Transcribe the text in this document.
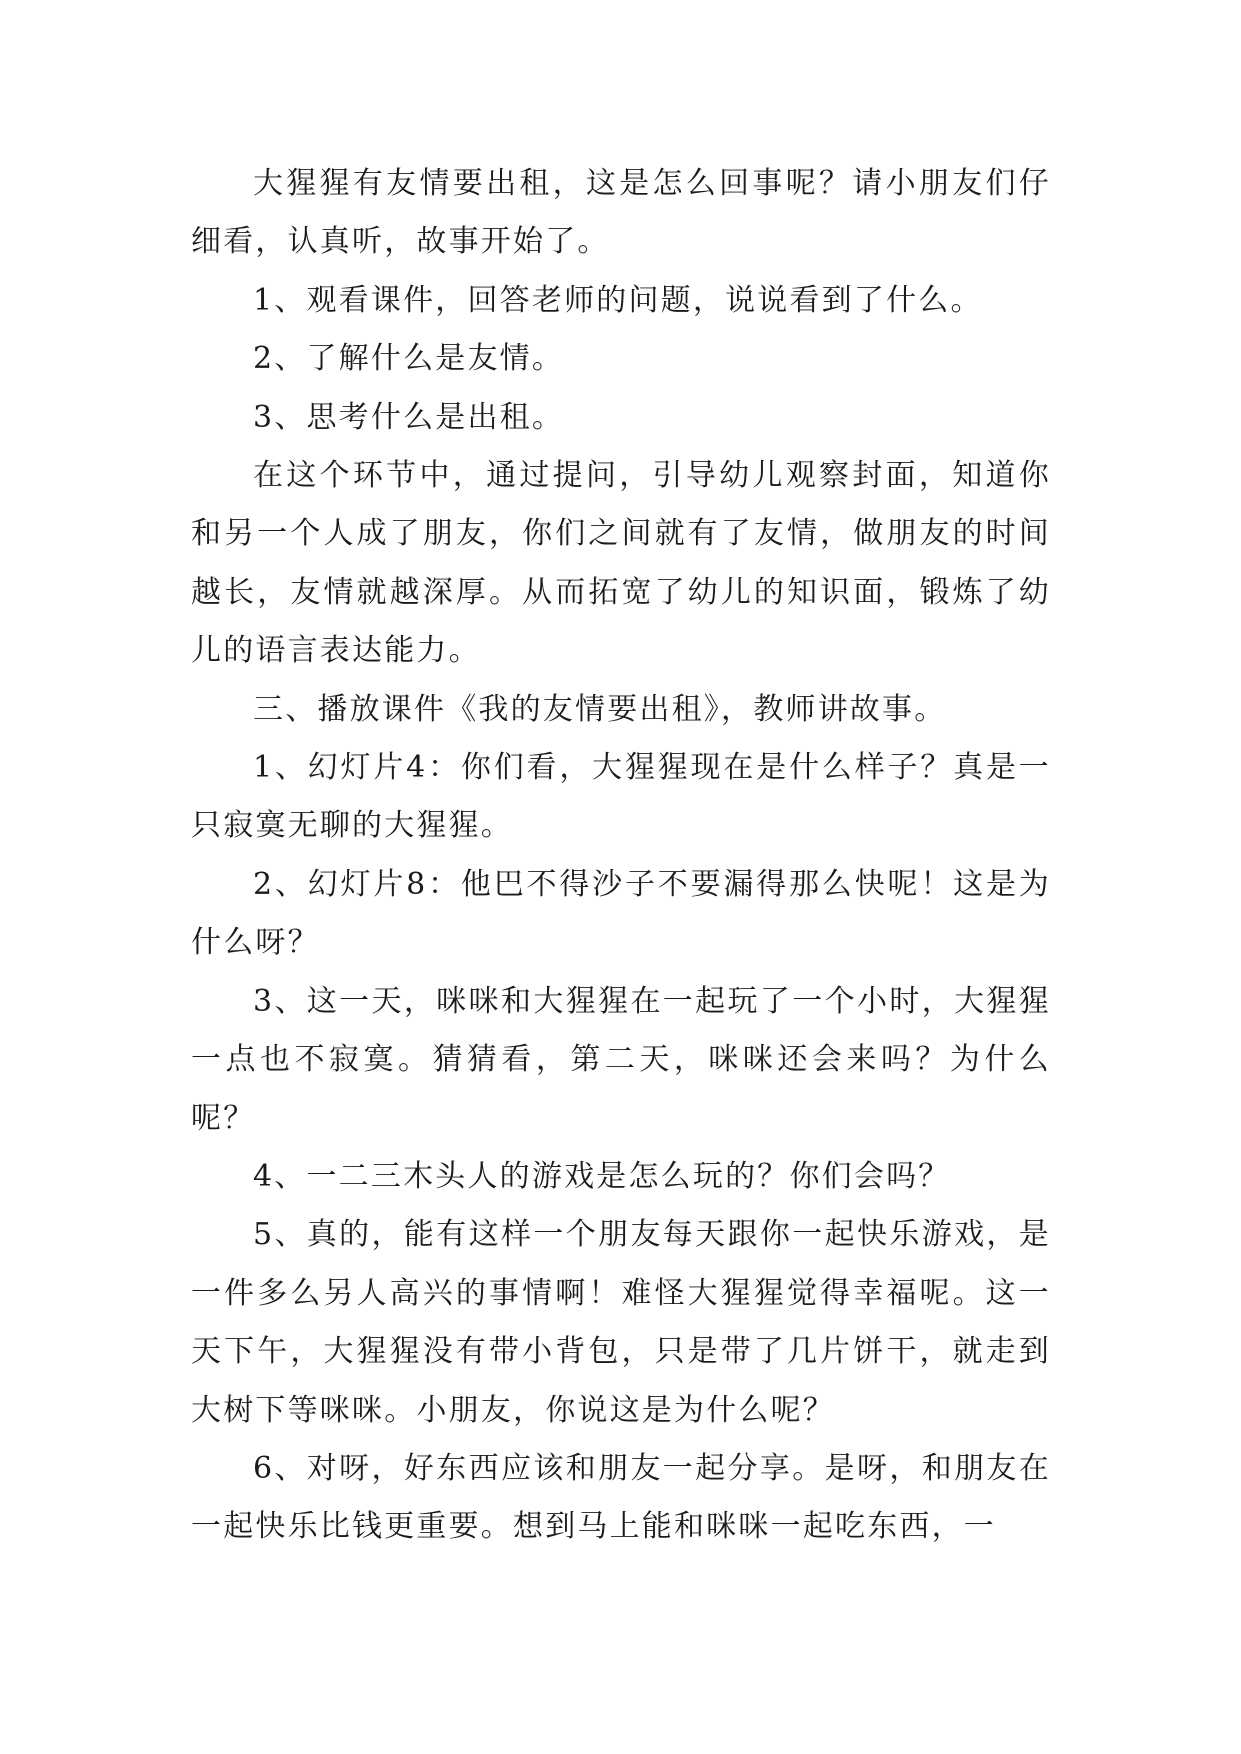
大猩猩有友情要出租，这是怎么回事呢？请小朋友们仔细看，认真听，故事开始了。

1、观看课件，回答老师的问题，说说看到了什么。

2、了解什么是友情。

3、思考什么是出租。

在这个环节中，通过提问，引导幼儿观察封面，知道你和另一个人成了朋友，你们之间就有了友情，做朋友的时间越长，友情就越深厚。从而拓宽了幼儿的知识面，锻炼了幼儿的语言表达能力。

三、播放课件《我的友情要出租》，教师讲故事。

1、幻灯片4：你们看，大猩猩现在是什么样子？真是一只寂寞无聊的大猩猩。

2、幻灯片8：他巴不得沙子不要漏得那么快呢！这是为什么呀？

3、这一天，咪咪和大猩猩在一起玩了一个小时，大猩猩一点也不寂寞。猜猜看，第二天，咪咪还会来吗？为什么呢？

4、一二三木头人的游戏是怎么玩的？你们会吗？

5、真的，能有这样一个朋友每天跟你一起快乐游戏，是一件多么另人高兴的事情啊！难怪大猩猩觉得幸福呢。这一天下午，大猩猩没有带小背包，只是带了几片饼干，就走到大树下等咪咪。小朋友，你说这是为什么呢？

6、对呀，好东西应该和朋友一起分享。是呀，和朋友在一起快乐比钱更重要。想到马上能和咪咪一起吃东西，一
